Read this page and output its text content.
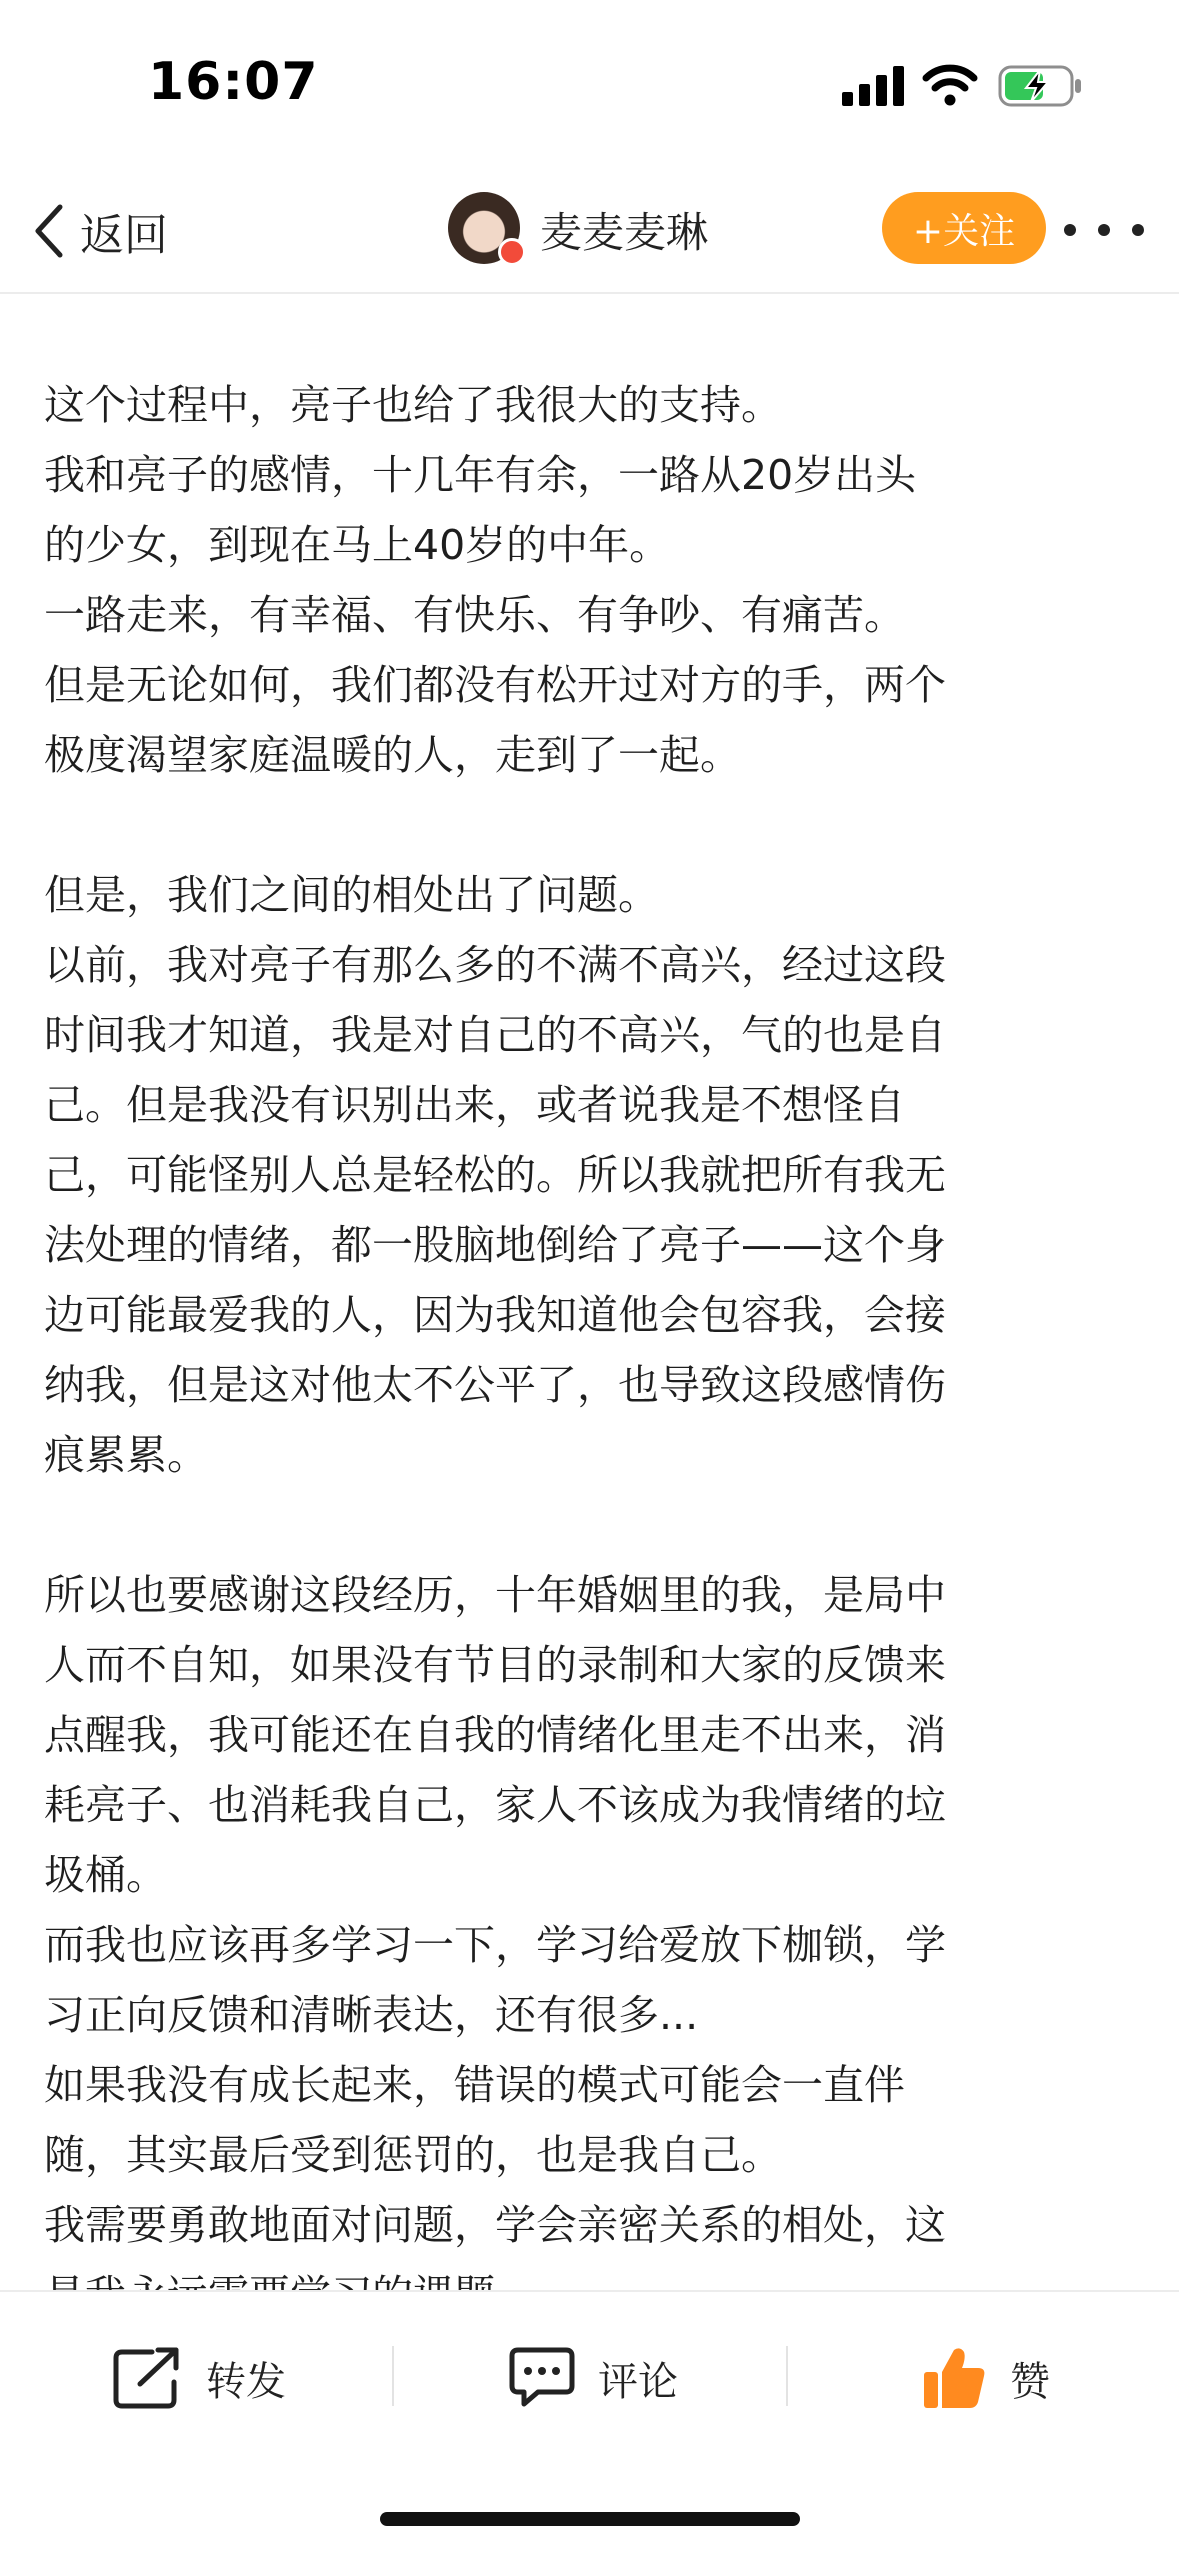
16:07
返回	麦麦麦琳	+关注

这个过程中，亮子也给了我很大的支持。
我和亮子的感情，十几年有余，一路从20岁出头
的少女，到现在马上40岁的中年。
一路走来，有幸福、有快乐、有争吵、有痛苦。
但是无论如何，我们都没有松开过对方的手，两个
极度渴望家庭温暖的人，走到了一起。

但是，我们之间的相处出了问题。
以前，我对亮子有那么多的不满不高兴，经过这段
时间我才知道，我是对自己的不高兴，气的也是自
己。但是我没有识别出来，或者说我是不想怪自
己，可能怪别人总是轻松的。所以我就把所有我无
法处理的情绪，都一股脑地倒给了亮子——这个身
边可能最爱我的人，因为我知道他会包容我，会接
纳我，但是这对他太不公平了，也导致这段感情伤
痕累累。

所以也要感谢这段经历，十年婚姻里的我，是局中
人而不自知，如果没有节目的录制和大家的反馈来
点醒我，我可能还在自我的情绪化里走不出来，消
耗亮子、也消耗我自己，家人不该成为我情绪的垃
圾桶。
而我也应该再多学习一下，学习给爱放下枷锁，学
习正向反馈和清晰表达，还有很多...
如果我没有成长起来，错误的模式可能会一直伴
随，其实最后受到惩罚的，也是我自己。
我需要勇敢地面对问题，学会亲密关系的相处，这

转发	评论	赞
